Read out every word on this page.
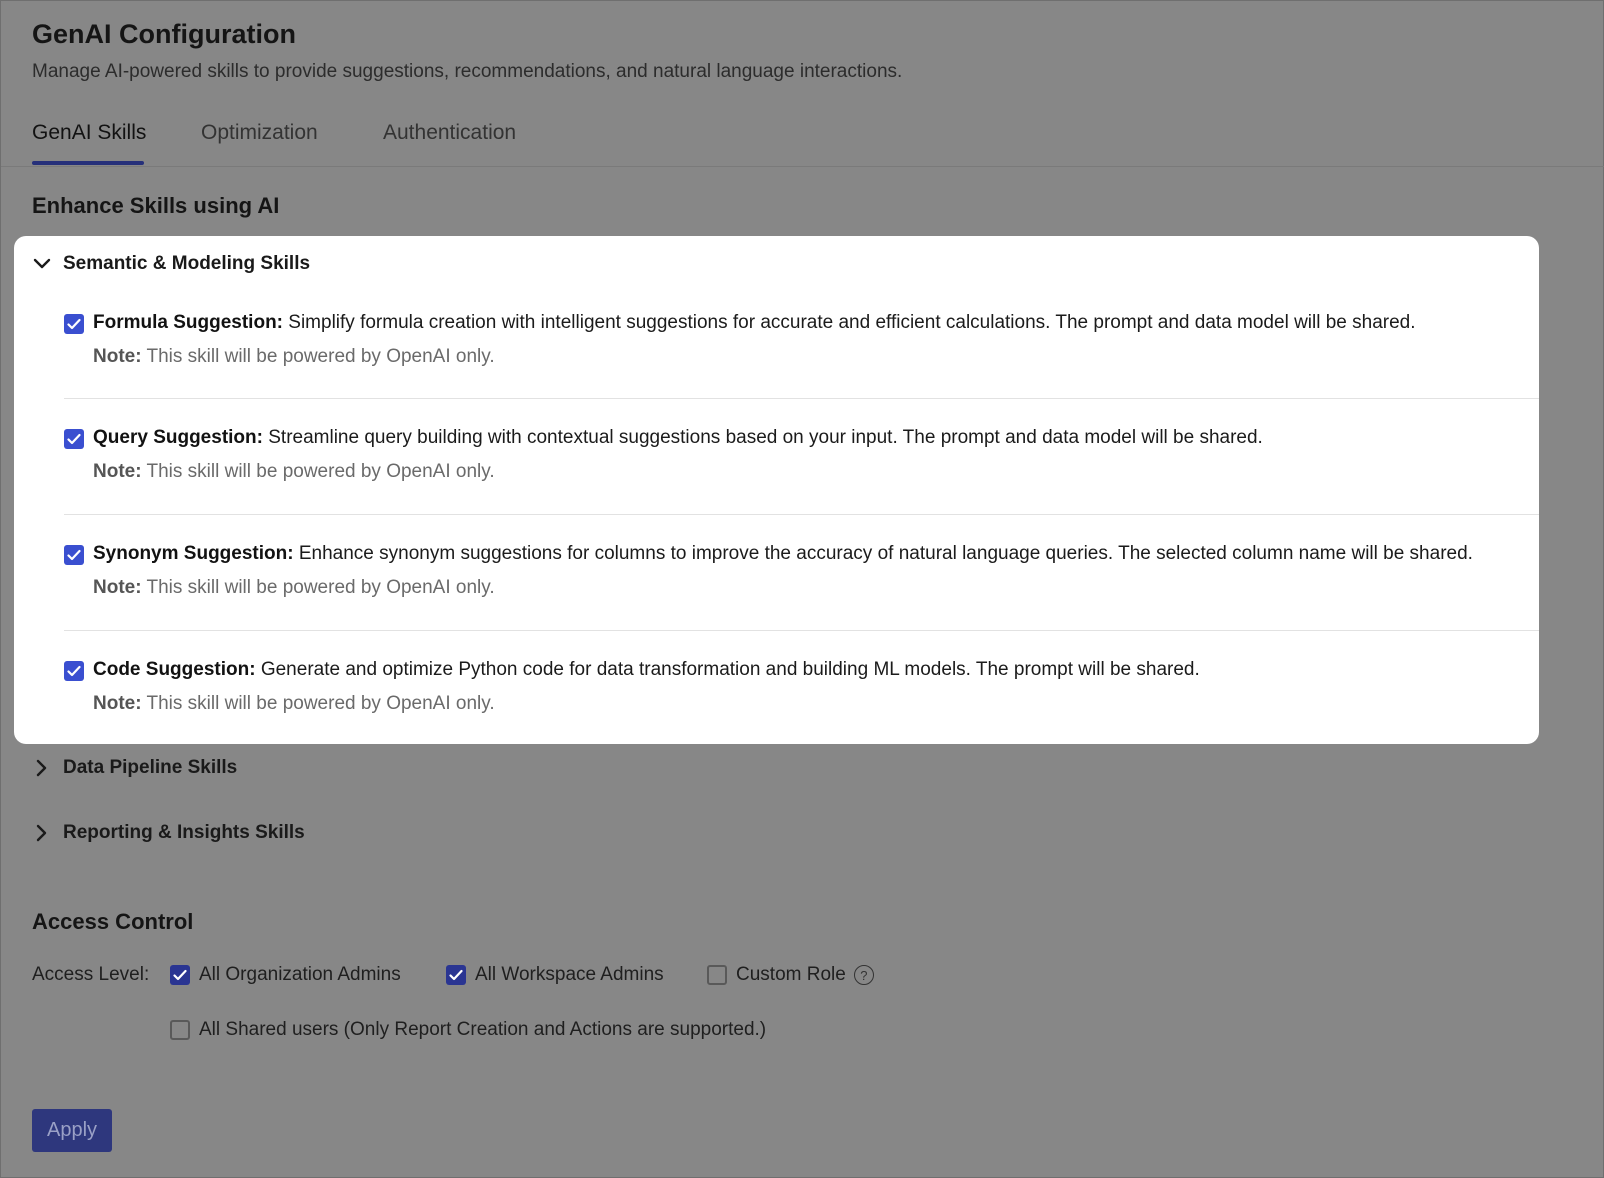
GenAI Configuration
Manage AI-powered skills to provide suggestions, recommendations, and natural language interactions.
GenAI Skills	Optimization	Authentication
Enhance Skills using AI
Semantic & Modeling Skills
Formula Suggestion: Simplify formula creation with intelligent suggestions for accurate and efficient calculations. The prompt and data model will be shared.
Note: This skill will be powered by OpenAI only.
Query Suggestion: Streamline query building with contextual suggestions based on your input. The prompt and data model will be shared.
Note: This skill will be powered by OpenAI only.
Synonym Suggestion: Enhance synonym suggestions for columns to improve the accuracy of natural language queries. The selected column name will be shared.
Note: This skill will be powered by OpenAI only.
Code Suggestion: Generate and optimize Python code for data transformation and building ML models. The prompt will be shared.
Note: This skill will be powered by OpenAI only.
Data Pipeline Skills
Reporting & Insights Skills
Access Control
Access Level:	All Organization Admins	All Workspace Admins	Custom Role	?
All Shared users (Only Report Creation and Actions are supported.)
Apply
